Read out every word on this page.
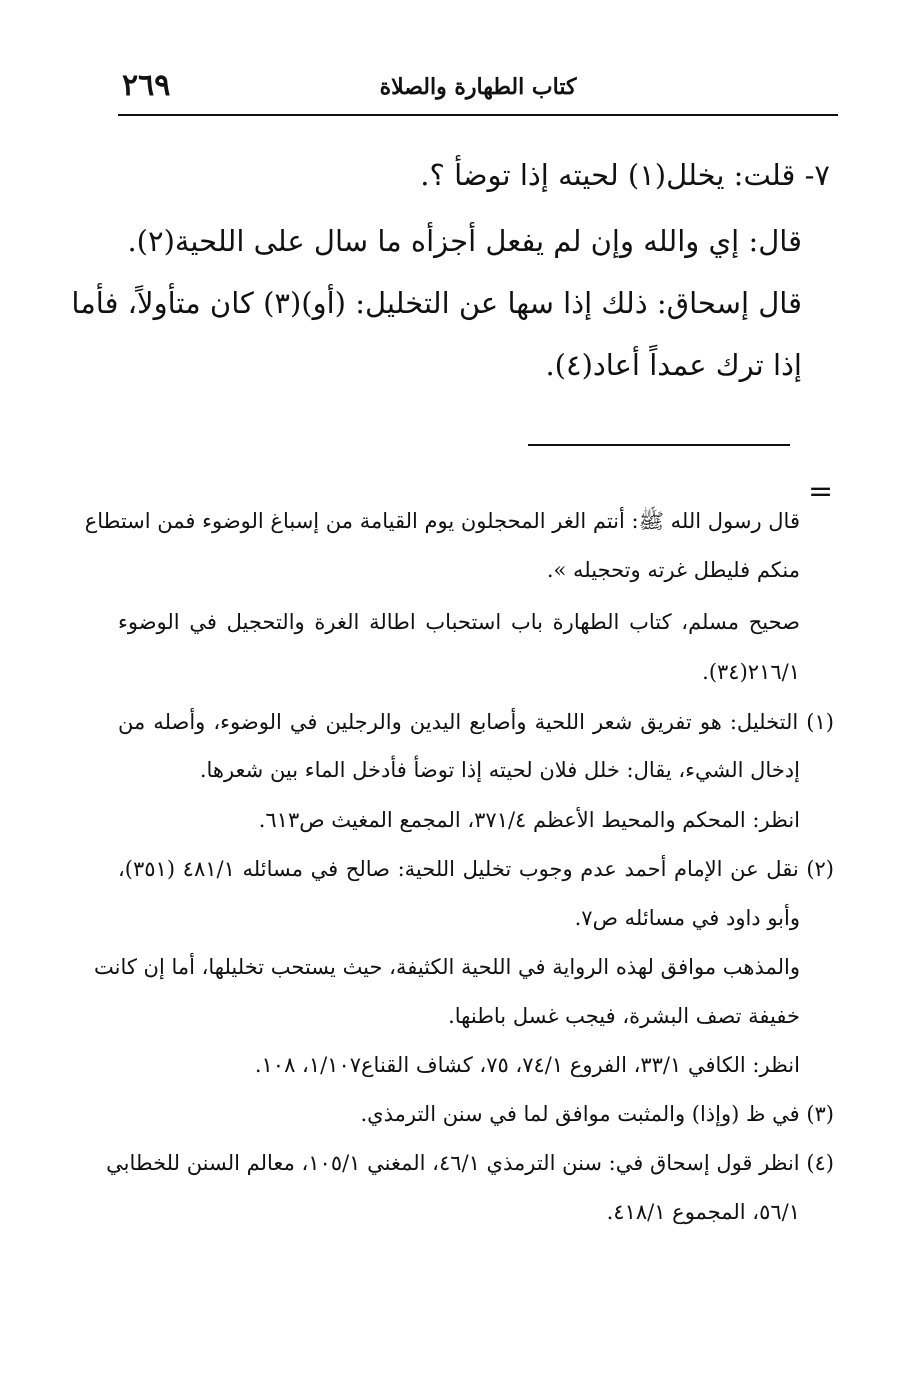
٢٦٩	كتاب الطهارة والصلاة
٧- قلت: يخلل(١) لحيته إذا توضأ ؟.
قال: إي والله وإن لم يفعل أجزأه ما سال على اللحية(٢).
قال إسحاق: ذلك إذا سها عن التخليل: (أو)(٣) كان متأولاً، فأما
إذا ترك عمداً أعاد(٤).
=
قال رسول الله ﷺ: أنتم الغر المحجلون يوم القيامة من إسباغ الوضوء فمن استطاع
منكم فليطل غرته وتحجيله ».
صحيح مسلم، كتاب الطهارة باب استحباب اطالة الغرة والتحجيل في الوضوء
٢١٦/١(٣٤).
(١) التخليل: هو تفريق شعر اللحية وأصابع اليدين والرجلين في الوضوء، وأصله من
إدخال الشيء، يقال: خلل فلان لحيته إذا توضأ فأدخل الماء بين شعرها.
انظر: المحكم والمحيط الأعظم ٣٧١/٤، المجمع المغيث ص٦١٣.
(٢) نقل عن الإمام أحمد عدم وجوب تخليل اللحية: صالح في مسائله ٤٨١/١ (٣٥١)،
وأبو داود في مسائله ص٧.
والمذهب موافق لهذه الرواية في اللحية الكثيفة، حيث يستحب تخليلها، أما إن كانت
خفيفة تصف البشرة، فيجب غسل باطنها.
انظر: الكافي ٣٣/١، الفروع ٧٤/١، ٧٥، كشاف القناع١/١٠٧، ١٠٨.
(٣) في ظ (وإذا) والمثبت موافق لما في سنن الترمذي.
(٤) انظر قول إسحاق في: سنن الترمذي ٤٦/١، المغني ١٠٥/١، معالم السنن للخطابي
٥٦/١، المجموع ٤١٨/١.
